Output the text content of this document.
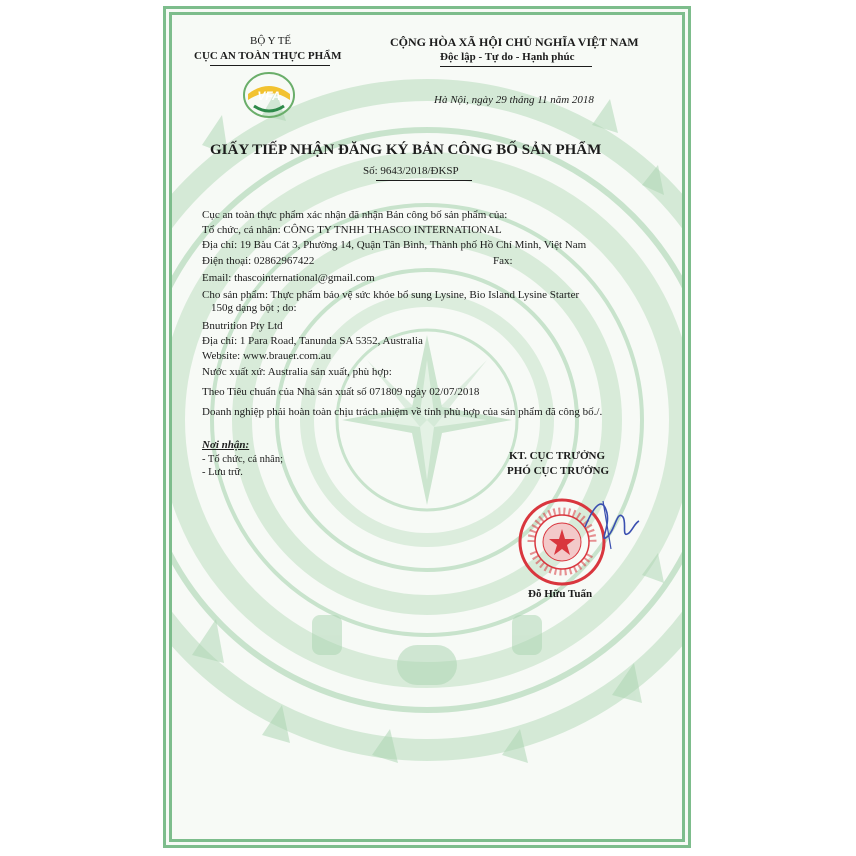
BỘ Y TẾ
CỤC AN TOÀN THỰC PHẨM
VFA
CỘNG HÒA XÃ HỘI CHỦ NGHĨA VIỆT NAM
Độc lập - Tự do - Hạnh phúc
Hà Nội, ngày 29 tháng 11 năm 2018
GIẤY TIẾP NHẬN ĐĂNG KÝ BẢN CÔNG BỐ SẢN PHẨM
Số: 9643/2018/ĐKSP
Cục an toàn thực phẩm xác nhận đã nhận Bản công bố sản phẩm của:
Tổ chức, cá nhân: CÔNG TY TNHH THASCO INTERNATIONAL
Địa chỉ: 19 Bàu Cát 3, Phường 14, Quận Tân Bình, Thành phố Hồ Chí Minh, Việt Nam
Điện thoại: 02862967422	Fax:
Email: thascointernational@gmail.com
Cho sản phẩm: Thực phẩm bảo vệ sức khỏe bổ sung Lysine, Bio Island Lysine Starter
150g dạng bột ; do:
Bnutrition Pty Ltd
Địa chỉ: 1 Para Road, Tanunda SA 5352, Australia
Website: www.brauer.com.au
Nước xuất xứ: Australia sản xuất, phù hợp:
Theo Tiêu chuẩn của Nhà sản xuất số 071809 ngày 02/07/2018
Doanh nghiệp phải hoàn toàn chịu trách nhiệm về tính phù hợp của sản phẩm đã công bố./.
Nơi nhận:
- Tổ chức, cá nhân;
- Lưu trữ.
KT. CỤC TRƯỞNG
PHÓ CỤC TRƯỞNG
Đỗ Hữu Tuấn
